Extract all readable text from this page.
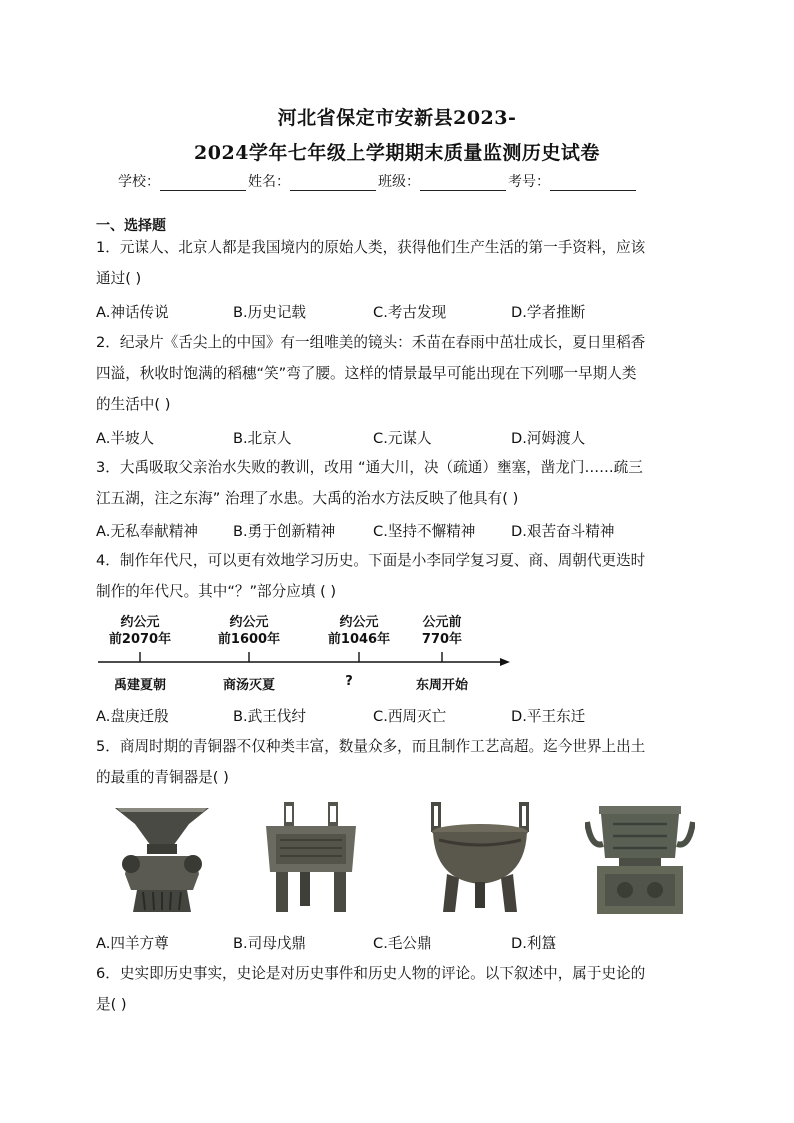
河北省保定市安新县2023-
2024学年七年级上学期期末质量监测历史试卷
学校：	姓名：	班级：	考号：
一、选择题
1．元谋人、北京人都是我国境内的原始人类，获得他们生产生活的第一手资料，应该
通过( )
A.神话传说	B.历史记载	C.考古发现	D.学者推断
2．纪录片《舌尖上的中国》有一组唯美的镜头：禾苗在春雨中茁壮成长，夏日里稻香
四溢，秋收时饱满的稻穗“笑”弯了腰。这样的情景最早可能出现在下列哪一早期人类
的生活中( )
A.半坡人	B.北京人	C.元谋人	D.河姆渡人
3．大禹吸取父亲治水失败的教训，改用 “通大川，决（疏通）壅塞，凿龙门……疏三
江五湖，注之东海” 治理了水患。大禹的治水方法反映了他具有( )
A.无私奉献精神 B.勇于创新精神	C.坚持不懈精神 D.艰苦奋斗精神
4．制作年代尺，可以更有效地学习历史。下面是小李同学复习夏、商、周朝代更迭时
制作的年代尺。其中“？”部分应填 ( )
约公元
前2070年
约公元
前1600年
约公元
前1046年
公元前
770年
禹建夏朝	商汤灭夏	?	东周开始
A.盘庚迁殷	B.武王伐纣	C.西周灭亡	D.平王东迁
5．商周时期的青铜器不仅种类丰富，数量众多，而且制作工艺高超。迄今世界上出土
的最重的青铜器是( )
A.四羊方尊	B.司母戊鼎	C.毛公鼎	D.利簋
6．史实即历史事实，史论是对历史事件和历史人物的评论。以下叙述中，属于史论的
是( )
